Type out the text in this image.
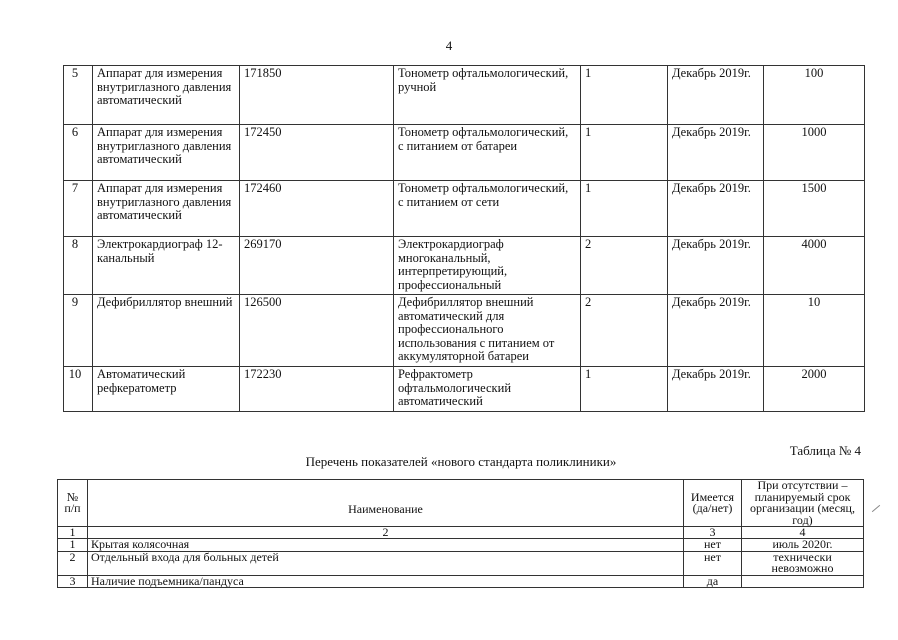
4
5	Аппарат для измерения внутриглазного давления автоматический	171850	Тонометр офтальмологический, ручной	1	Декабрь 2019г.	100
6	Аппарат для измерения внутриглазного давления автоматический	172450	Тонометр офтальмологический, с питанием от батареи	1	Декабрь 2019г.	1000
7	Аппарат для измерения внутриглазного давления автоматический	172460	Тонометр офтальмологический, с питанием от сети	1	Декабрь 2019г.	1500
8	Электрокардиограф 12-канальный	269170	Электрокардиограф многоканальный, интерпретирующий, профессиональный	2	Декабрь 2019г.	4000
9	Дефибриллятор внешний	126500	Дефибриллятор внешний автоматический для профессионального использования с питанием от аккумуляторной батареи	2	Декабрь 2019г.	10
10	Автоматический рефкератометр	172230	Рефрактометр офтальмологический автоматический	1	Декабрь 2019г.	2000
Таблица № 4
Перечень показателей «нового стандарта поликлиники»
№ п/п	Наименование	Имеется (да/нет)	При отсутствии – планируемый срок организации (месяц, год)
1	2	3	4
1	Крытая колясочная	нет	июль 2020г.
2	Отдельный входа для больных детей	нет	технически невозможно
3	Наличие подъемника/пандуса	да	
